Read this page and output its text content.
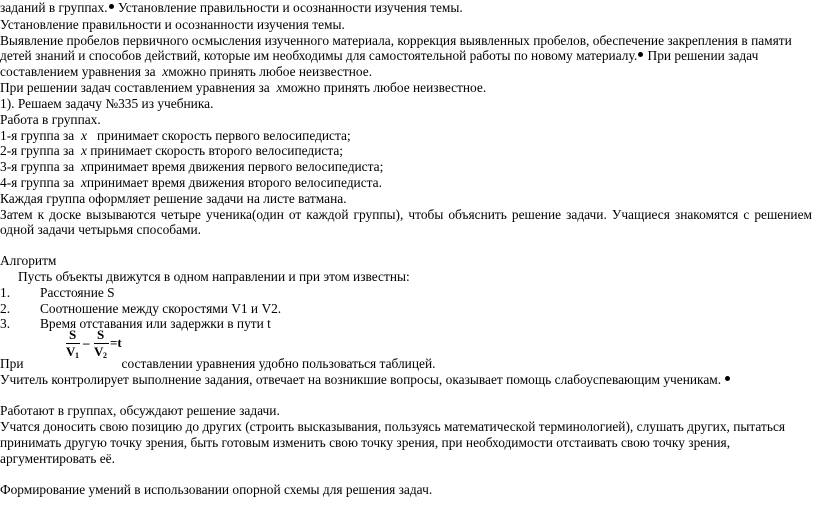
заданий в группах. Установление правильности и осознанности изучения темы.
Установление правильности и осознанности изучения темы.
Выявление пробелов первичного осмысления изученного материала, коррекция выявленных пробелов, обеспечение закрепления в памяти
детей знаний и способов действий, которые им необходимы для самостоятельной работы по новому материалу. При решении задач
составлением уравнения за xможно принять любое неизвестное.
При решении задач составлением уравнения за xможно принять любое неизвестное.
1). Решаем задачу №335 из учебника.
Работа в группах.
1-я группа за x   принимает скорость первого велосипедиста;
2-я группа за x принимает скорость второго велосипедиста;
3-я группа за xпринимает время движения первого велосипедиста;
4-я группа за xпринимает время движения второго велосипедиста.
Каждая группа оформляет решение задачи на листе ватмана.
Затем к доске вызываются четыре ученика(один от каждой группы), чтобы объяснить решение задачи. Учащиеся знакомятся с решением
одной задачи четырьмя способами.
Алгоритм
Пусть объекты движутся в одном направлении и при этом известны:
1. Расстояние S
2. Соотношение между скоростями V1 и V2.
3. Время отставания или задержки в пути t
S
V 1
–
S
V 2
=t
При	составлении уравнения удобно пользоваться таблицей.
Учитель контролирует выполнение задания, отвечает на возникшие вопросы, оказывает помощь слабоуспевающим ученикам.
Работают в группах, обсуждают решение задачи.
Учатся доносить свою позицию до других (строить высказывания, пользуясь математической терминологией), слушать других, пытаться
принимать другую точку зрения, быть готовым изменить свою точку зрения, при необходимости отстаивать свою точку зрения,
аргументировать её.
Формирование умений в использовании опорной схемы для решения задач.
